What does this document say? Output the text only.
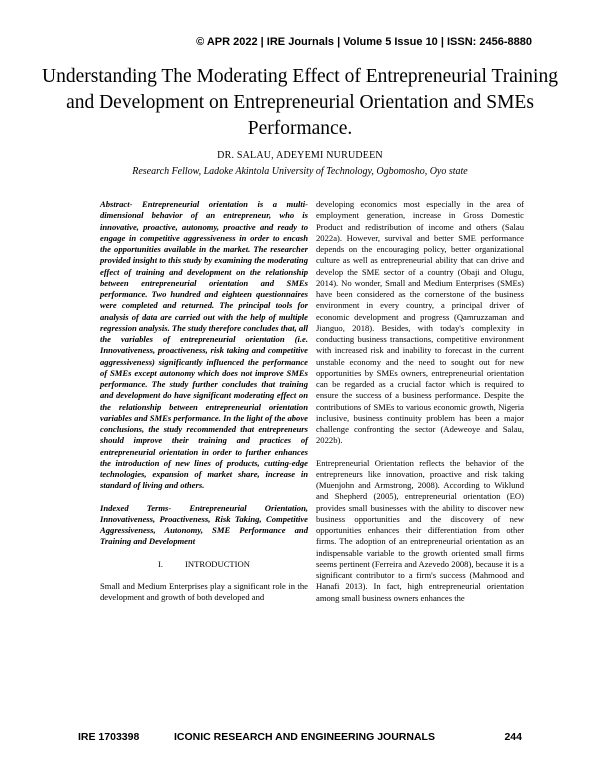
© APR 2022 | IRE Journals | Volume 5 Issue 10 | ISSN: 2456-8880
Understanding The Moderating Effect of Entrepreneurial Training and Development on Entrepreneurial Orientation and SMEs Performance.
DR. SALAU, ADEYEMI NURUDEEN
Research Fellow, Ladoke Akintola University of Technology, Ogbomosho, Oyo state

Abstract- Entrepreneurial orientation is a multi-dimensional behavior of an entrepreneur, who is innovative, proactive, autonomy, proactive and ready to engage in competitive aggressiveness in order to encash the opportunities available in the market. The researcher provided insight to this study by examining the moderating effect of training and development on the relationship between entrepreneurial orientation and SMEs performance. Two hundred and eighteen questionnaires were completed and returned. The principal tools for analysis of data are carried out with the help of multiple regression analysis. The study therefore concludes that, all the variables of entrepreneurial orientation (i.e. Innovativeness, proactiveness, risk taking and competitive aggressiveness) significantly influenced the performance of SMEs except autonomy which does not improve SMEs performance. The study further concludes that training and development do have significant moderating effect on the relationship between entrepreneurial orientation variables and SMEs performance. In the light of the above conclusions, the study recommended that entrepreneurs should improve their training and practices of entrepreneurial orientation in order to further enhances the introduction of new lines of products, cutting-edge technologies, expansion of market share, increase in standard of living and others.

Indexed Terms- Entrepreneurial Orientation, Innovativeness, Proactiveness, Risk Taking, Competitive Aggressiveness, Autonomy, SME Performance and Training and Development

I.	INTRODUCTION

Small and Medium Enterprises play a significant role in the development and growth of both developed and

developing economics most especially in the area of employment generation, increase in Gross Domestic Product and redistribution of income and others (Salau 2022a). However, survival and better SME performance depends on the encouraging policy, better organizational culture as well as entrepreneurial ability that can drive and develop the SME sector of a country (Obaji and Olugu, 2014). No wonder, Small and Medium Enterprises (SMEs) have been considered as the cornerstone of the business environment in every country, a principal driver of economic development and progress (Qamruzzaman and Jianguo, 2018). Besides, with today's complexity in conducting business transactions, competitive environment with increased risk and inability to forecast in the current unstable economy and the need to sought out for new opportunities by SMEs owners, entrepreneurial orientation can be regarded as a crucial factor which is required to ensure the success of a business performance. Despite the contributions of SMEs to various economic growth, Nigeria inclusive, business continuity problem has been a major challenge confronting the sector (Adeweoye and Salau, 2022b).

Entrepreneurial Orientation reflects the behavior of the entrepreneurs like innovation, proactive and risk taking (Muenjohn and Armstrong, 2008). According to Wiklund and Shepherd (2005), entrepreneurial orientation (EO) provides small businesses with the ability to discover new business opportunities and the discovery of new opportunities enhances their differentiation from other firms. The adoption of an entrepreneurial orientation as an indispensable variable to the growth oriented small firms seems pertinent (Ferreira and Azevedo 2008), because it is a significant contributor to a firm's success (Mahmood and Hanafi 2013). In fact, high entrepreneurial orientation among small business owners enhances the

IRE 1703398	ICONIC RESEARCH AND ENGINEERING JOURNALS	244
